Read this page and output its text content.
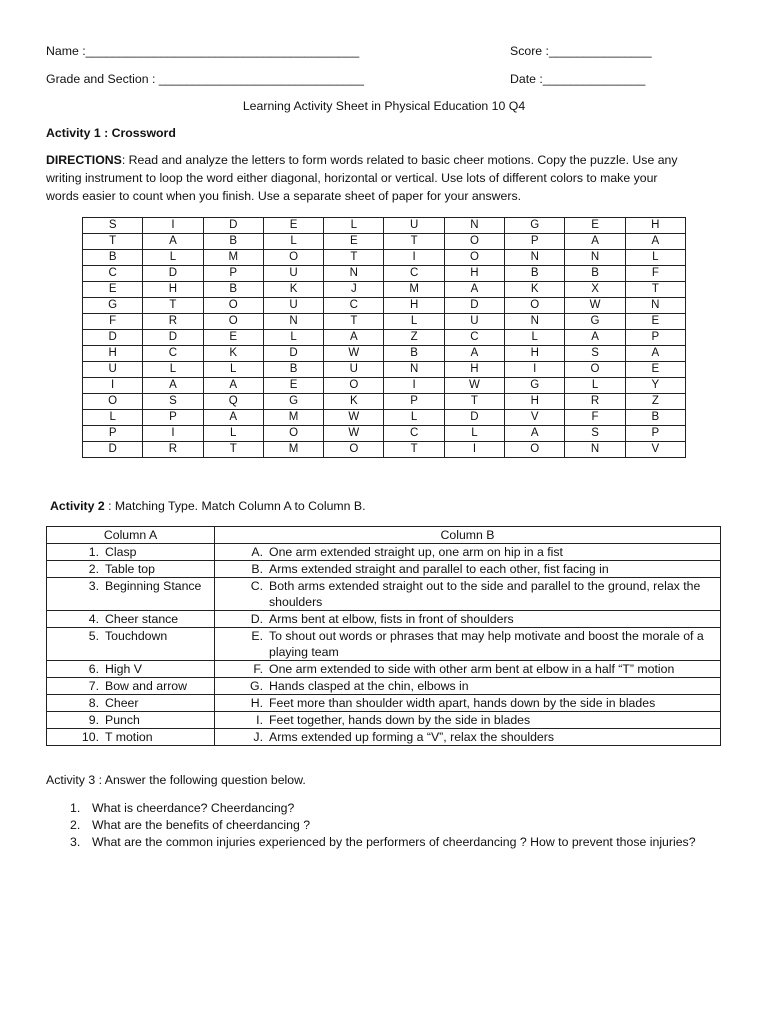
Name :________________________________________	Score :_______________
Grade and Section : ______________________________	Date :_______________
Learning Activity Sheet in Physical Education 10 Q4
Activity 1 : Crossword
DIRECTIONS: Read and analyze the letters to form words related to basic cheer motions. Copy the puzzle. Use any
writing instrument to loop the word either diagonal, horizontal or vertical. Use lots of different colors to make your
words easier to count when you finish. Use a separate sheet of paper for your answers.
S	I	D	E	L	U	N	G	E	H
T	A	B	L	E	T	O	P	A	A
B	L	M	O	T	I	O	N	N	L
C	D	P	U	N	C	H	B	B	F
E	H	B	K	J	M	A	K	X	T
G	T	O	U	C	H	D	O	W	N
F	R	O	N	T	L	U	N	G	E
D	D	E	L	A	Z	C	L	A	P
H	C	K	D	W	B	A	H	S	A
U	L	L	B	U	N	H	I	O	E
I	A	A	E	O	I	W	G	L	Y
O	S	Q	G	K	P	T	H	R	Z
L	P	A	M	W	L	D	V	F	B
P	I	L	O	W	C	L	A	S	P
D	R	T	M	O	T	I	O	N	V
Activity 2 : Matching Type. Match Column A to Column B.
Column A	Column B

1. Clasp	A. One arm extended straight up, one arm on hip in a fist

2. Table top	B. Arms extended straight and parallel to each other, fist facing in

3. Beginning Stance	C. Both arms extended straight out to the side and parallel to the ground, relax the shoulders

4. Cheer stance	D. Arms bent at elbow, fists in front of shoulders

5. Touchdown	E. To shout out words or phrases that may help motivate and boost the morale of a playing team

6. High V	F. One arm extended to side with other arm bent at elbow in a half “T” motion

7. Bow and arrow	G. Hands clasped at the chin, elbows in

8. Cheer	H. Feet more than shoulder width apart, hands down by the side in blades

9. Punch	I. Feet together, hands down by the side in blades

10. T motion	J. Arms extended up forming a “V”, relax the shoulders
Activity 3 : Answer the following question below.
1. What is cheerdance? Cheerdancing?
2. What are the benefits of cheerdancing ?
3. What are the common injuries experienced by the performers of cheerdancing ? How to prevent those injuries?
